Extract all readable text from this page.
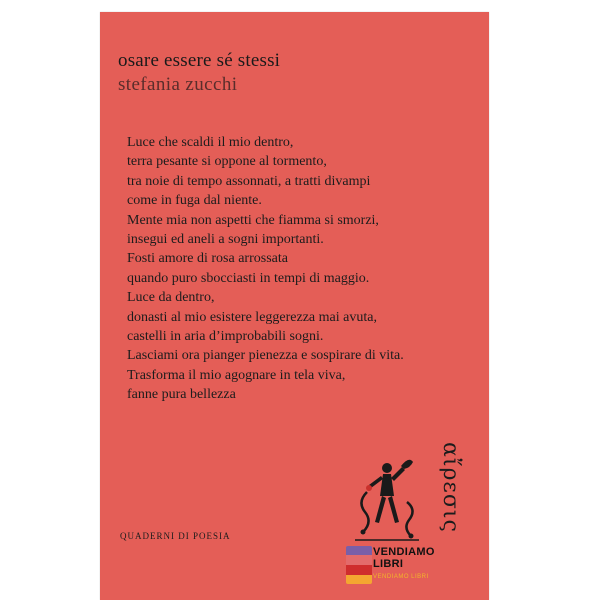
osare essere sé stessi
stefania zucchi
Luce che scaldi il mio dentro,
terra pesante si oppone al tormento,
tra noie di tempo assonnati, a tratti divampi
come in fuga dal niente.
Mente mia non aspetti che fiamma si smorzi,
insegui ed aneli a sogni importanti.
Fosti amore di rosa arrossata
quando puro sbocciasti in tempi di maggio.
Luce da dentro,
donasti al mio esistere leggerezza mai avuta,
castelli in aria d’improbabili sogni.
Lasciami ora pianger pienezza e sospirare di vita.
Trasforma il mio agognare in tela viva,
fanne pura bellezza
QUADERNI DI POESIA
αἴρεσις
VENDIAMO
LIBRI
VENDIAMO LIBRI
